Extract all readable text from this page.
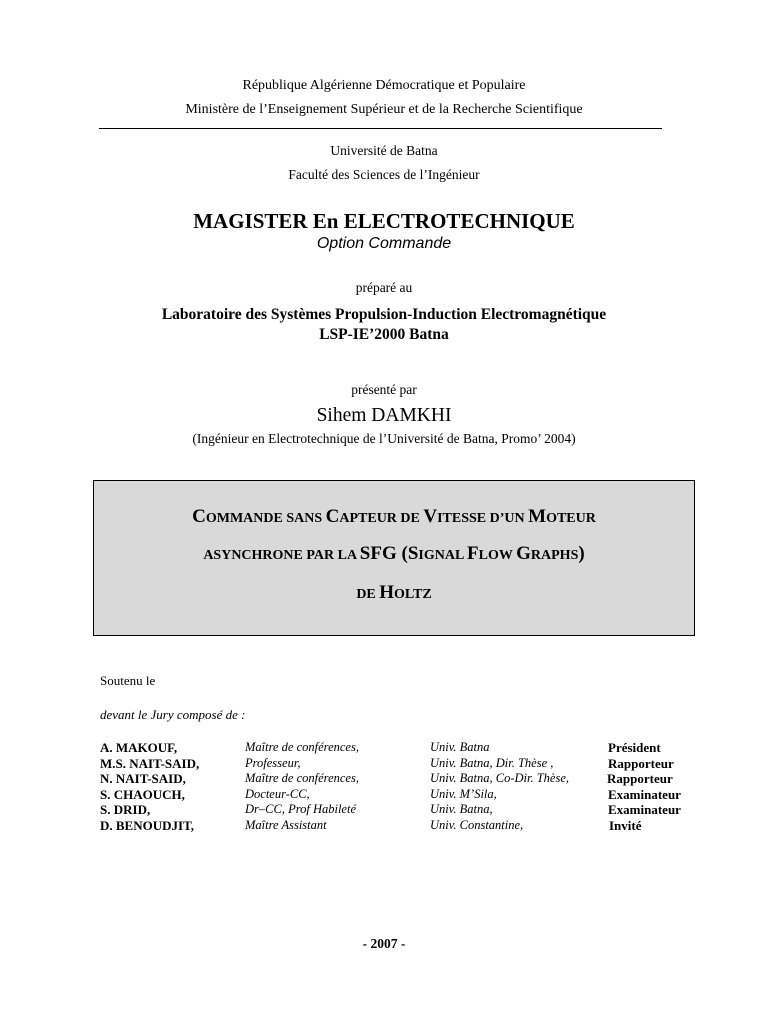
République Algérienne Démocratique et Populaire
Ministère de l’Enseignement Supérieur et de la Recherche Scientifique
Université de Batna
Faculté des Sciences de l’Ingénieur
MAGISTER En ELECTROTECHNIQUE
Option Commande
préparé au
Laboratoire des Systèmes Propulsion-Induction Electromagnétique
LSP-IE’2000 Batna
présenté par
Sihem DAMKHI
(Ingénieur en Electrotechnique de l’Université de Batna, Promo’ 2004)
COMMANDE SANS CAPTEUR DE VITESSE D’UN MOTEUR
ASYNCHRONE PAR LA SFG (SIGNAL FLOW GRAPHS)
DE HOLTZ
Soutenu le
devant le Jury composé de :
A. MAKOUF,	Maître de conférences,	Univ. Batna	Président
M.S. NAIT-SAID,	Professeur,	Univ. Batna, Dir. Thèse ,	Rapporteur
N. NAIT-SAID,	Maître de conférences,	Univ. Batna, Co-Dir. Thèse,	Rapporteur
S. CHAOUCH,	Docteur-CC,	Univ. M’Sila,	Examinateur
S. DRID,	Dr–CC, Prof Habileté	Univ. Batna,	Examinateur
D. BENOUDJIT,	Maître Assistant	Univ. Constantine,	Invité
- 2007 -
